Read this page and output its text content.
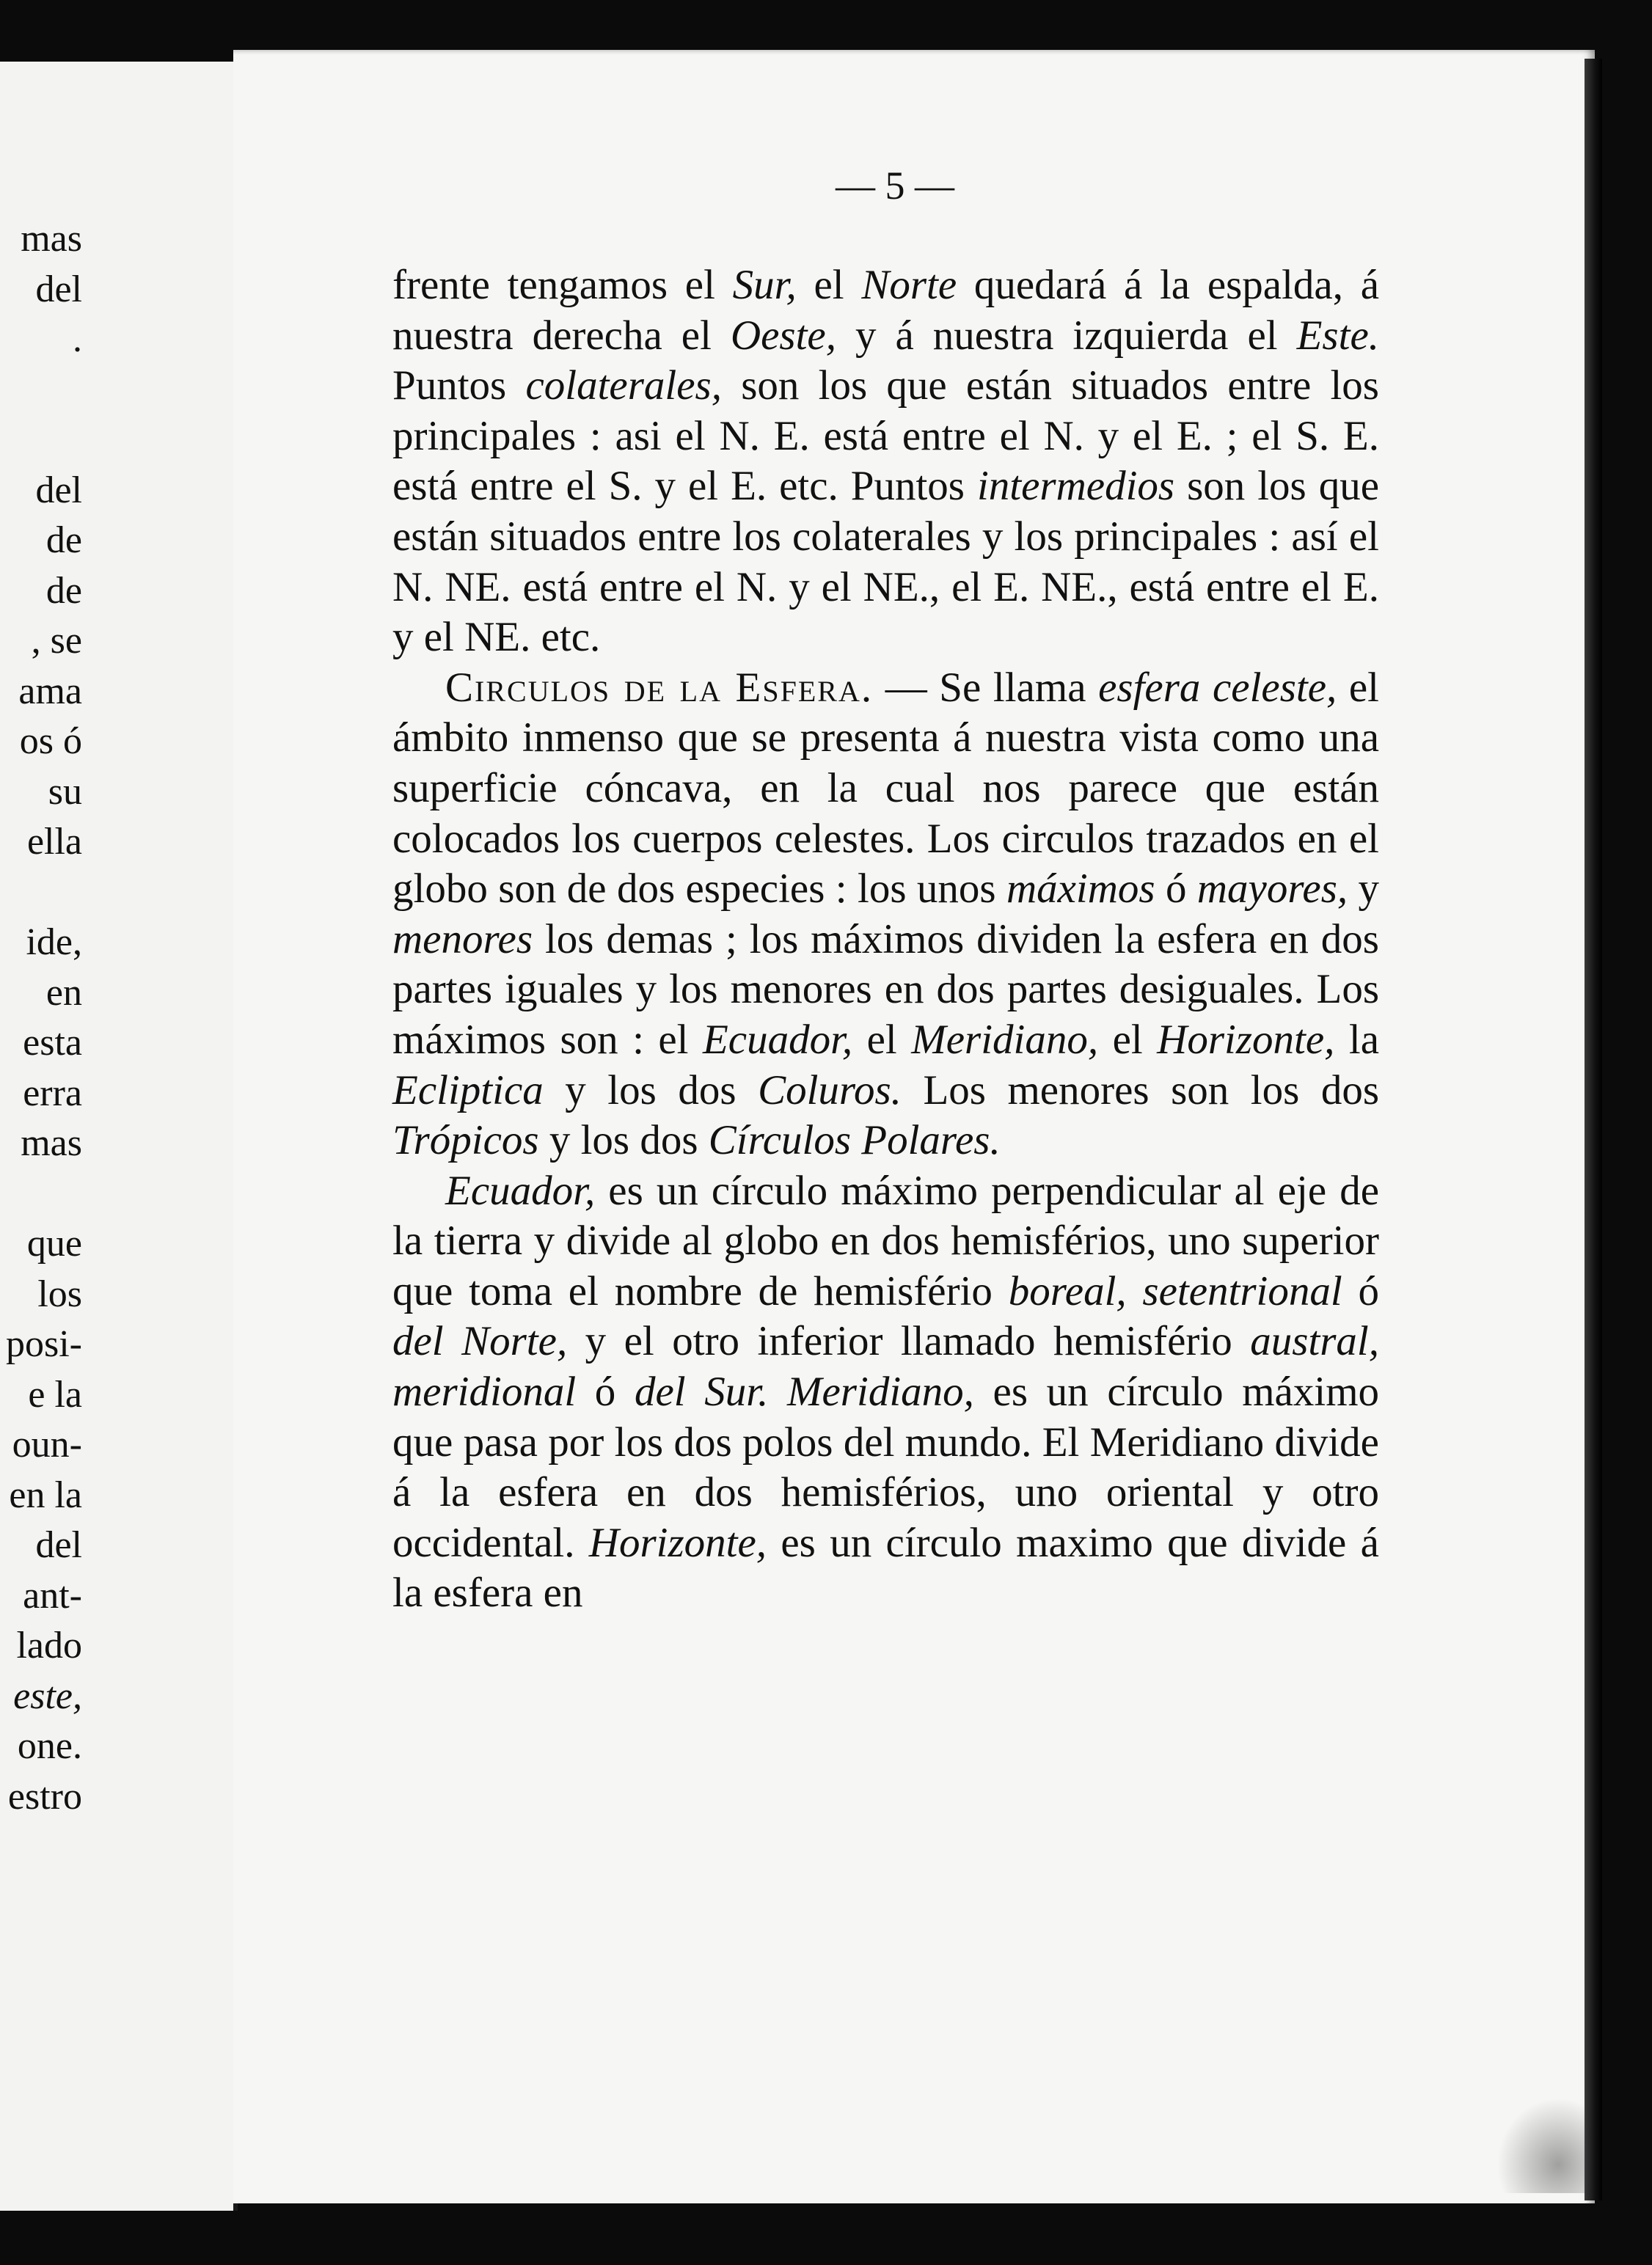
mas
del
.
del
de
de
, se
ama
os ó
su
ella
ide,
en
esta
erra
mas
que
los
posi-
e la
oun-
en la
del
ant-
lado
este,
one.
estro
— 5 —

frente tengamos el Sur, el Norte quedará á la espalda, á nuestra derecha el Oeste, y á nuestra izquierda el Este. Puntos colaterales, son los que están situados entre los principales : asi el N. E. está entre el N. y el E. ; el S. E. está entre el S. y el E. etc. Puntos intermedios son los que están situados entre los colaterales y los principales : así el N. NE. está entre el N. y el NE., el E. NE., está entre el E. y el NE. etc.

Circulos de la Esfera. — Se llama esfera celeste, el ámbito inmenso que se presenta á nuestra vista como una superficie cóncava, en la cual nos parece que están colocados los cuerpos celestes. Los circulos trazados en el globo son de dos especies : los unos máximos ó mayores, y menores los demas ; los máximos dividen la esfera en dos partes iguales y los menores en dos partes desiguales. Los máximos son : el Ecuador, el Meridiano, el Horizonte, la Ecliptica y los dos Coluros. Los menores son los dos Trópicos y los dos Círculos Polares.

Ecuador, es un círculo máximo perpendicular al eje de la tierra y divide al globo en dos hemisférios, uno superior que toma el nombre de hemisfério boreal, setentrional ó del Norte, y el otro inferior llamado hemisfério austral, meridional ó del Sur. Meridiano, es un círculo máximo que pasa por los dos polos del mundo. El Meridiano divide á la esfera en dos hemisférios, uno oriental y otro occidental. Horizonte, es un círculo maximo que divide á la esfera en
